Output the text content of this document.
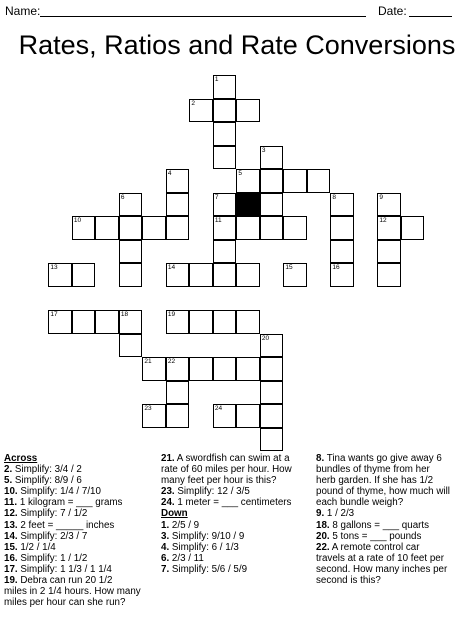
Name:	Date:
Rates, Ratios and Rate Conversions
1
2
3
4	5
6	7	8	9
10	11	12
13	14	15	16
17	18	19
20
21	22
23	24
Across
2. Simplify: 3/4 / 2
5. Simplify: 8/9 / 6
10. Simplify: 1/4 / 7/10
11. 1 kilogram = ___ grams
12. Simplify: 7 / 1/2
13. 2 feet = _____ inches
14. Simplify: 2/3 / 7
15. 1/2 / 1/4
16. Simplify: 1 / 1/2
17. Simplify: 1 1/3 / 1 1/4
19. Debra can run 20 1/2
miles in 2 1/4 hours. How many
miles per hour can she run?
21. A swordfish can swim at a
rate of 60 miles per hour. How
many feet per hour is this?
23. Simplify: 12 / 3/5
24. 1 meter = ___ centimeters
Down
1. 2/5 / 9
3. Simplify: 9/10 / 9
4. Simplify: 6 / 1/3
6. 2/3 / 11
7. Simplify: 5/6 / 5/9
8. Tina wants go give away 6
bundles of thyme from her
herb garden. If she has 1/2
pound of thyme, how much will
each bundle weigh?
9. 1 / 2/3
18. 8 gallons = ___ quarts
20. 5 tons = ___ pounds
22. A remote control car
travels at a rate of 10 feet per
second. How many inches per
second is this?
